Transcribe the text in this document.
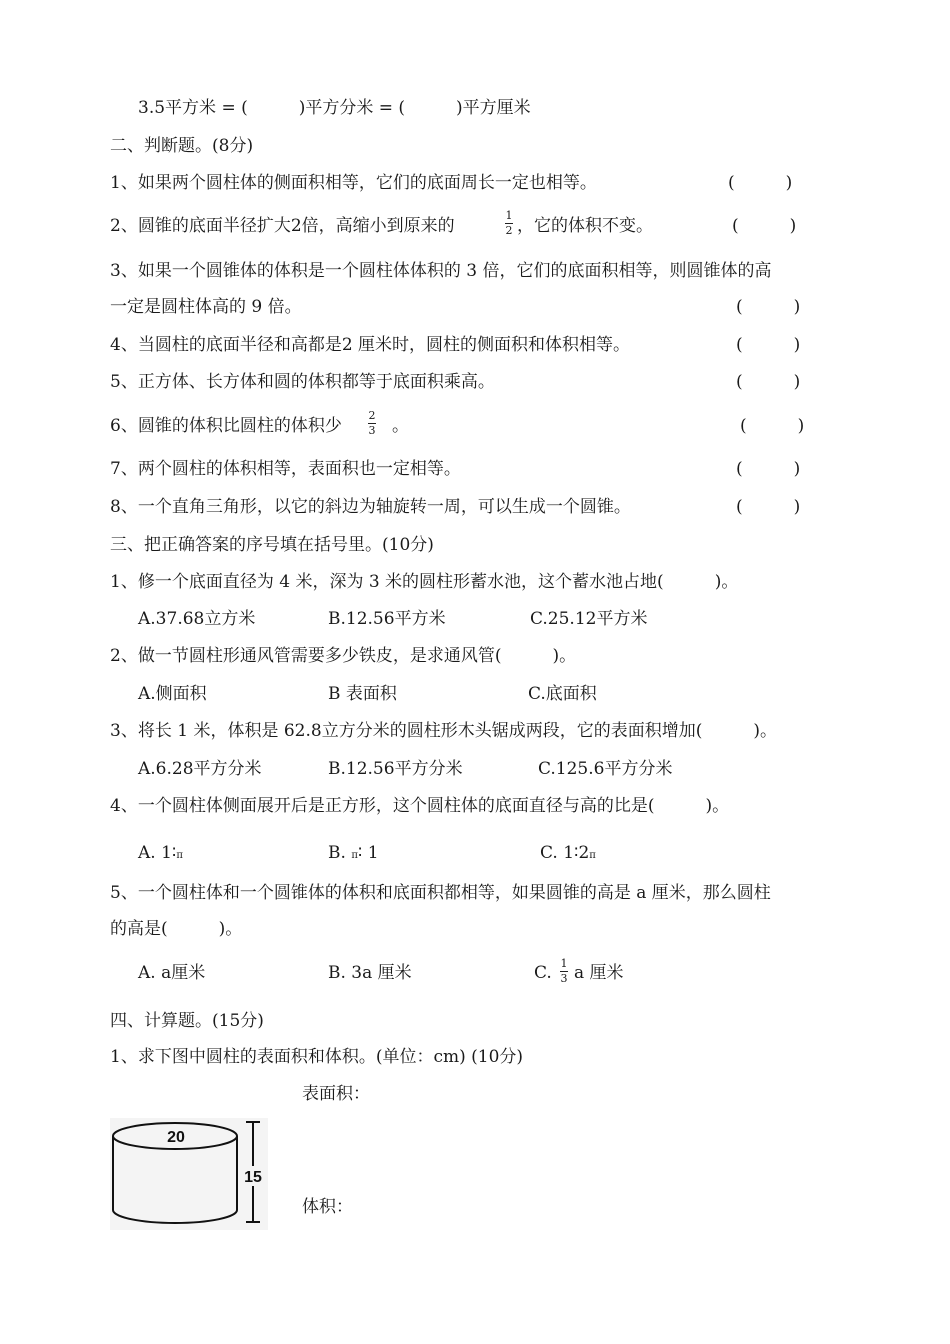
3.5平方米 = (　　　)平方分米 = (　　　)平方厘米
二、判断题。(8分)
1、如果两个圆柱体的侧面积相等，它们的底面周长一定也相等。	(　　　)
2、圆锥的底面半径扩大2倍，高缩小到原来的
1
2 ，它的体积不变。	(　　　)
3、如果一个圆锥体的体积是一个圆柱体体积的 3 倍，它们的底面积相等，则圆锥体的高
一定是圆柱体高的 9 倍。	(　　　)
4、当圆柱的底面半径和高都是2 厘米时，圆柱的侧面积和体积相等。	(　　　)
5、正方体、长方体和圆的体积都等于底面积乘高。	(　　　)
6、圆锥的体积比圆柱的体积少
2
3 。	(　　　)
7、两个圆柱的体积相等，表面积也一定相等。	(　　　)
8、一个直角三角形，以它的斜边为轴旋转一周，可以生成一个圆锥。	(　　　)
三、把正确答案的序号填在括号里。(10分)
1、修一个底面直径为 4 米，深为 3 米的圆柱形蓄水池，这个蓄水池占地(　　　)。
A.37.68立方米	B.12.56平方米	C.25.12平方米
2、做一节圆柱形通风管需要多少铁皮，是求通风管(　　　)。
A.侧面积	B 表面积	C.底面积
3、将长 1 米，体积是 62.8立方分米的圆柱形木头锯成两段，它的表面积增加(　　　)。
A.6.28平方分米	B.12.56平方分米	C.125.6平方分米
4、一个圆柱体侧面展开后是正方形，这个圆柱体的底面直径与高的比是(　　　)。
A. 1∶π	B. π∶ 1	C. 1∶2π
5、一个圆柱体和一个圆锥体的体积和底面积都相等，如果圆锥的高是 a 厘米，那么圆柱
的高是(　　　)。
A. a厘米	B. 3a 厘米	C. 1
3 a 厘米
四、计算题。(15分)
1、求下图中圆柱的表面积和体积。(单位：cm) (10分)
表面积：
体积：
15
20
